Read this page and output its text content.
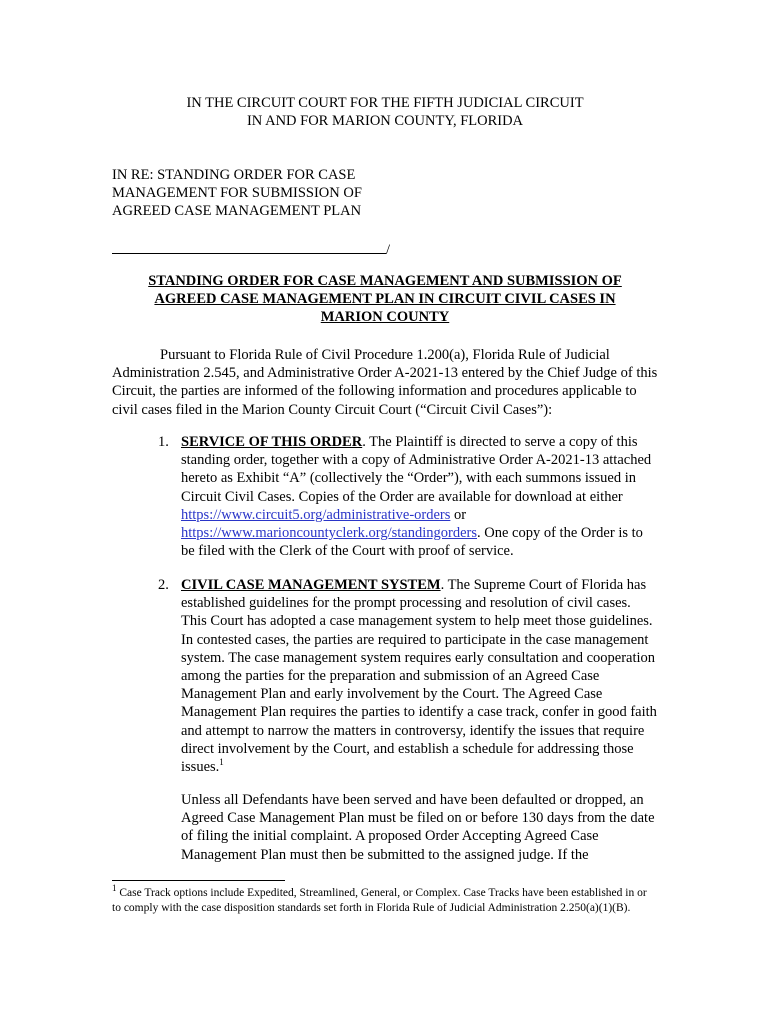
IN THE CIRCUIT COURT FOR THE FIFTH JUDICIAL CIRCUIT
IN AND FOR MARION COUNTY, FLORIDA
IN RE: STANDING ORDER FOR CASE
MANAGEMENT FOR SUBMISSION OF
AGREED CASE MANAGEMENT PLAN
/
STANDING ORDER FOR CASE MANAGEMENT AND SUBMISSION OF
AGREED CASE MANAGEMENT PLAN IN CIRCUIT CIVIL CASES IN
MARION COUNTY
Pursuant to Florida Rule of Civil Procedure 1.200(a), Florida Rule of Judicial Administration 2.545, and Administrative Order A-2021-13 entered by the Chief Judge of this Circuit, the parties are informed of the following information and procedures applicable to civil cases filed in the Marion County Circuit Court (“Circuit Civil Cases”):
1. SERVICE OF THIS ORDER. The Plaintiff is directed to serve a copy of this standing order, together with a copy of Administrative Order A-2021-13 attached hereto as Exhibit “A” (collectively the “Order”), with each summons issued in Circuit Civil Cases. Copies of the Order are available for download at either https://www.circuit5.org/administrative-orders or https://www.marioncountyclerk.org/standingorders. One copy of the Order is to be filed with the Clerk of the Court with proof of service.
2. CIVIL CASE MANAGEMENT SYSTEM. The Supreme Court of Florida has established guidelines for the prompt processing and resolution of civil cases. This Court has adopted a case management system to help meet those guidelines. In contested cases, the parties are required to participate in the case management system. The case management system requires early consultation and cooperation among the parties for the preparation and submission of an Agreed Case Management Plan and early involvement by the Court. The Agreed Case Management Plan requires the parties to identify a case track, confer in good faith and attempt to narrow the matters in controversy, identify the issues that require direct involvement by the Court, and establish a schedule for addressing those issues.$^1$
Unless all Defendants have been served and have been defaulted or dropped, an Agreed Case Management Plan must be filed on or before 130 days from the date of filing the initial complaint. A proposed Order Accepting Agreed Case Management Plan must then be submitted to the assigned judge. If the
$^1$ Case Track options include Expedited, Streamlined, General, or Complex. Case Tracks have been established in or to comply with the case disposition standards set forth in Florida Rule of Judicial Administration 2.250(a)(1)(B).
